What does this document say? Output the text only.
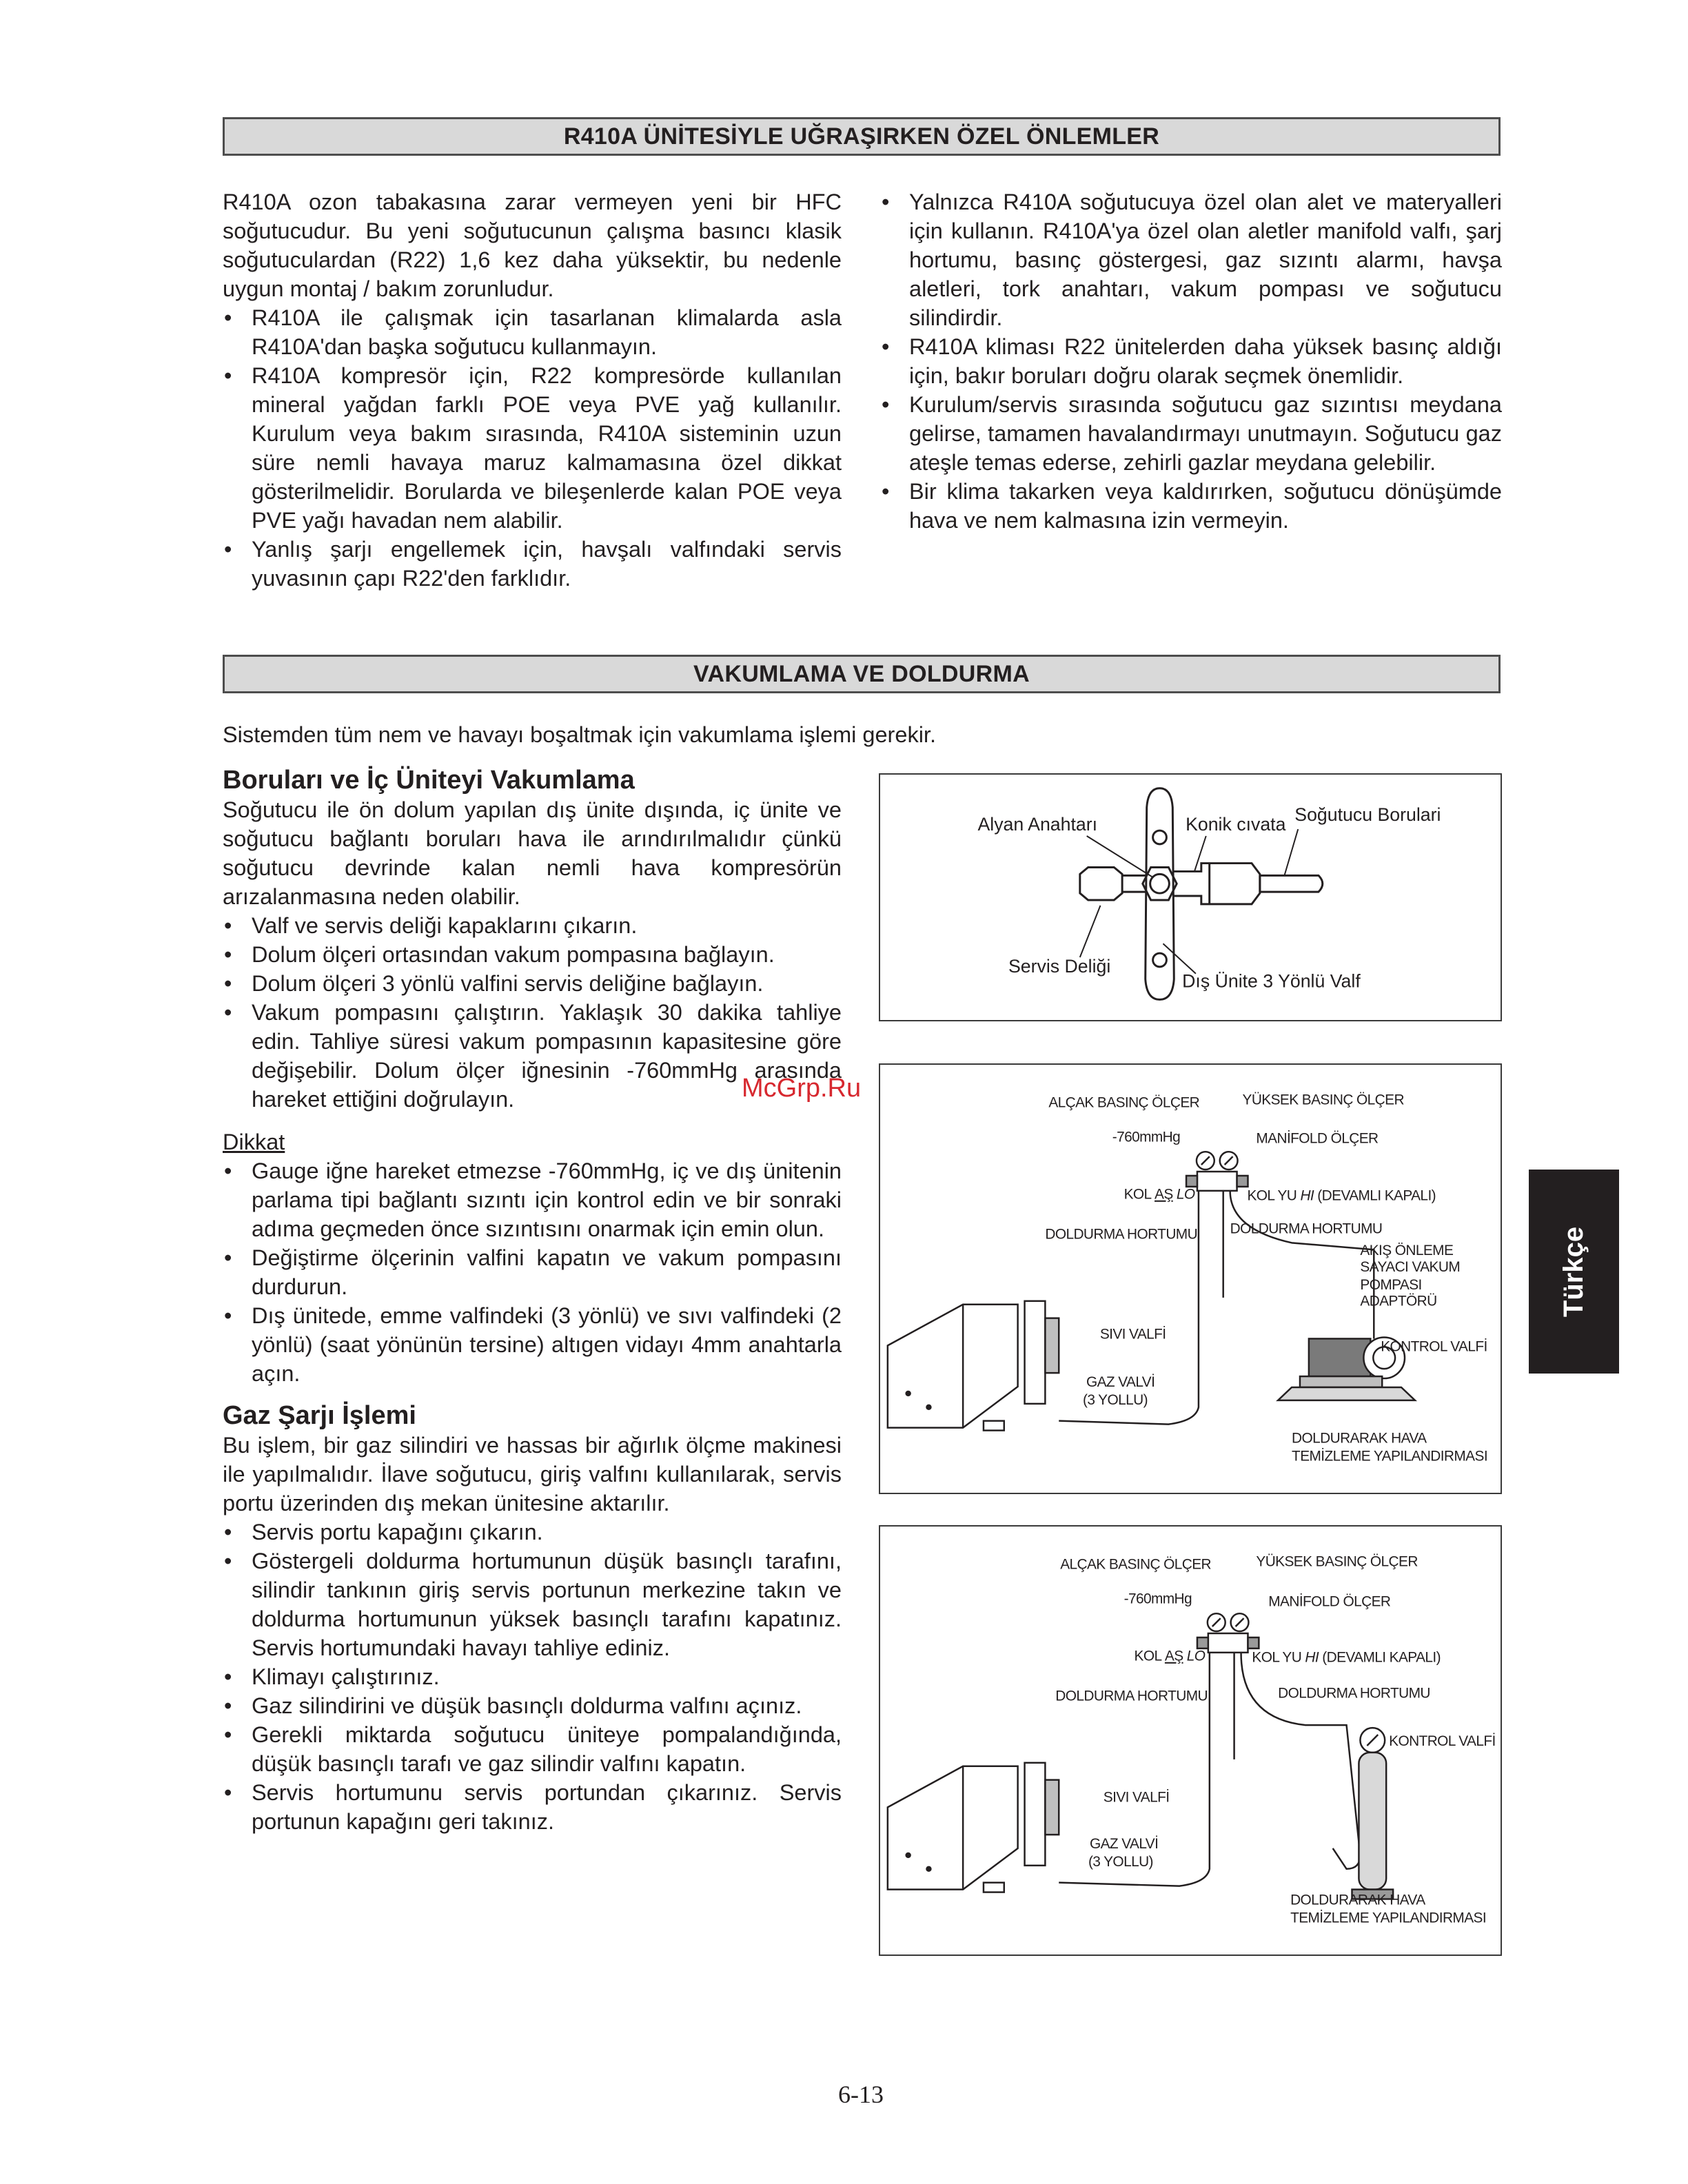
R410A ÜNİTESİYLE UĞRAŞIRKEN ÖZEL ÖNLEMLER

R410A ozon tabakasına zarar vermeyen yeni bir HFC soğutucudur. Bu yeni soğutucunun çalışma basıncı klasik soğutuculardan (R22) 1,6 kez daha yüksektir, bu nedenle uygun montaj / bakım zorunludur.

• R410A ile çalışmak için tasarlanan klimalarda asla R410A'dan başka soğutucu kullanmayın.
• R410A kompresör için, R22 kompresörde kullanılan mineral yağdan farklı POE veya PVE yağ kullanılır. Kurulum veya bakım sırasında, R410A sisteminin uzun süre nemli havaya maruz kalmamasına özel dikkat gösterilmelidir. Borularda ve bileşenlerde kalan POE veya PVE yağı havadan nem alabilir.
• Yanlış şarjı engellemek için, havşalı valfındaki servis yuvasının çapı R22'den farklıdır.
• Yalnızca R410A soğutucuya özel olan alet ve materyalleri için kullanın. R410A'ya özel olan aletler manifold valfı, şarj hortumu, basınç göstergesi, gaz sızıntı alarmı, havşa aletleri, tork anahtarı, vakum pompası ve soğutucu silindirdir.
• R410A kliması R22 ünitelerden daha yüksek basınç aldığı için, bakır boruları doğru olarak seçmek önemlidir.
• Kurulum/servis sırasında soğutucu gaz sızıntısı meydana gelirse, tamamen havalandırmayı unutmayın. Soğutucu gaz ateşle temas ederse, zehirli gazlar meydana gelebilir.
• Bir klima takarken veya kaldırırken, soğutucu dönüşümde hava ve nem kalmasına izin vermeyin.
VAKUMLAMA VE DOLDURMA

Sistemden tüm nem ve havayı boşaltmak için vakumlama işlemi gerekir.

Boruları ve İç Üniteyi Vakumlama

Soğutucu ile ön dolum yapılan dış ünite dışında, iç ünite ve soğutucu bağlantı boruları hava ile arındırılmalıdır çünkü soğutucu devrinde kalan nemli hava kompresörün arızalanmasına neden olabilir.

• Valf ve servis deliği kapaklarını çıkarın.
• Dolum ölçeri ortasından vakum pompasına bağlayın.
• Dolum ölçeri 3 yönlü valfini servis deliğine bağlayın.
• Vakum pompasını çalıştırın. Yaklaşık 30 dakika tahliye edin. Tahliye süresi vakum pompasının kapasitesine göre değişebilir. Dolum ölçer iğnesinin -760mmHg arasında hareket ettiğini doğrulayın.

Dikkat

• Gauge iğne hareket etmezse -760mmHg, iç ve dış ünitenin parlama tipi bağlantı sızıntı için kontrol edin ve bir sonraki adıma geçmeden önce sızıntısını onarmak için emin olun.
• Değiştirme ölçerinin valfini kapatın ve vakum pompasını durdurun.
• Dış ünitede, emme valfindeki (3 yönlü) ve sıvı valfindeki (2 yönlü) (saat yönünün tersine) altıgen vidayı 4mm anahtarla açın.

Gaz Şarjı İşlemi

Bu işlem, bir gaz silindiri ve hassas bir ağırlık ölçme makinesi ile yapılmalıdır. İlave soğutucu, giriş valfını kullanılarak, servis portu üzerinden dış mekan ünitesine aktarılır.

• Servis portu kapağını çıkarın.
• Göstergeli doldurma hortumunun düşük basınçlı tarafını, silindir tankının giriş servis portunun merkezine takın ve doldurma hortumunun yüksek basınçlı tarafını kapatınız. Servis hortumundaki havayı tahliye ediniz.
• Klimayı çalıştırınız.
• Gaz silindirini ve düşük basınçlı doldurma valfını açınız.
• Gerekli miktarda soğutucu üniteye pompalandığında, düşük basınçlı tarafı ve gaz silindir valfını kapatın.
• Servis hortumunu servis portundan çıkarınız. Servis portunun kapağını geri takınız.
Alyan Anahtarı	Konik cıvata Soğutucu Borulari
Servis Deliği
Dış Ünite 3 Yönlü Valf
ALÇAK BASINÇ ÖLÇER	YÜKSEK BASINÇ ÖLÇER
-760mmHg	MANİFOLD ÖLÇER
KOL AŞ LO	KOL YU HI (DEVAMLI KAPALI)
DOLDURMA HORTUMU DOLDURMA HORTUMU
AKIŞ ÖNLEME
SAYACI VAKUM
POMPASI
ADAPTÖRÜ
KONTROL VALFİ
SIVI VALFİ
GAZ VALVİ
(3 YOLLU)
DOLDURARAK HAVA
TEMİZLEME YAPILANDIRMASI
ALÇAK BASINÇ ÖLÇER	YÜKSEK BASINÇ ÖLÇER
-760mmHg	MANİFOLD ÖLÇER
KOL AŞ LO	KOL YU HI (DEVAMLI KAPALI)
DOLDURMA HORTUMU	DOLDURMA HORTUMU
KONTROL VALFİ
SIVI VALFİ
GAZ VALVİ
(3 YOLLU)
DOLDURARAK HAVA
TEMİZLEME YAPILANDIRMASI
Türkçe
McGrp.Ru
6-13
